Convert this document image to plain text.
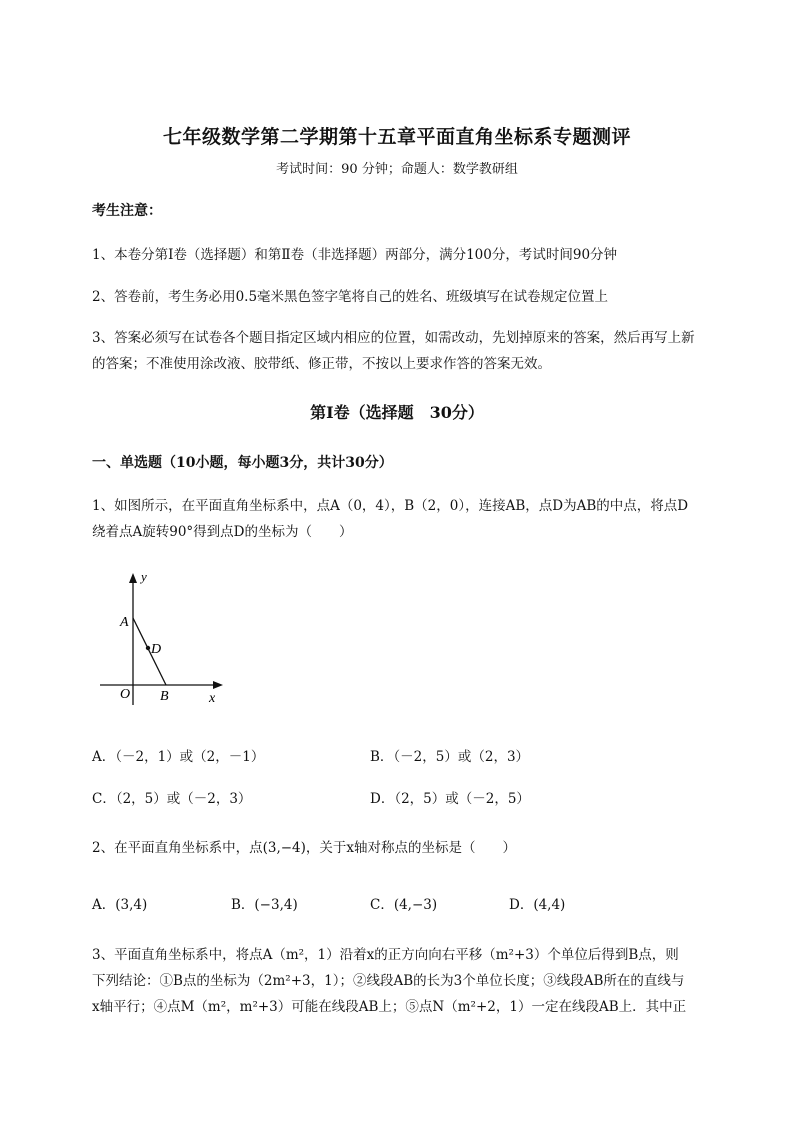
七年级数学第二学期第十五章平面直角坐标系专题测评
考试时间：90 分钟；命题人：数学教研组
考生注意：
1、本卷分第Ⅰ卷（选择题）和第Ⅱ卷（非选择题）两部分，满分100分，考试时间90分钟
2、答卷前，考生务必用0.5毫米黑色签字笔将自己的姓名、班级填写在试卷规定位置上
3、答案必须写在试卷各个题目指定区域内相应的位置，如需改动，先划掉原来的答案，然后再写上新
的答案；不准使用涂改液、胶带纸、修正带，不按以上要求作答的答案无效。
第Ⅰ卷（选择题　30分）
一、单选题（10小题，每小题3分，共计30分）
1、如图所示，在平面直角坐标系中，点A（0，4），B（2，0），连接AB，点D为AB的中点，将点D
绕着点A旋转90°得到点D的坐标为（　　）
y
x
O
A
B
D
A．（－2，1）或（2，－1）	B．（－2，5）或（2，3）
C．（2，5）或（－2，3）	D．（2，5）或（－2，5）
2、在平面直角坐标系中，点(3,−4)，关于x轴对称点的坐标是（　　）
A．(3,4)	B．(−3,4)	C．(4,−3)	D．(4,4)
3、平面直角坐标系中，将点A（m²，1）沿着x的正方向向右平移（m²+3）个单位后得到B点，则
下列结论：①B点的坐标为（2m²+3，1）；②线段AB的长为3个单位长度；③线段AB所在的直线与
x轴平行；④点M（m²，m²+3）可能在线段AB上；⑤点N（m²+2，1）一定在线段AB上．其中正
